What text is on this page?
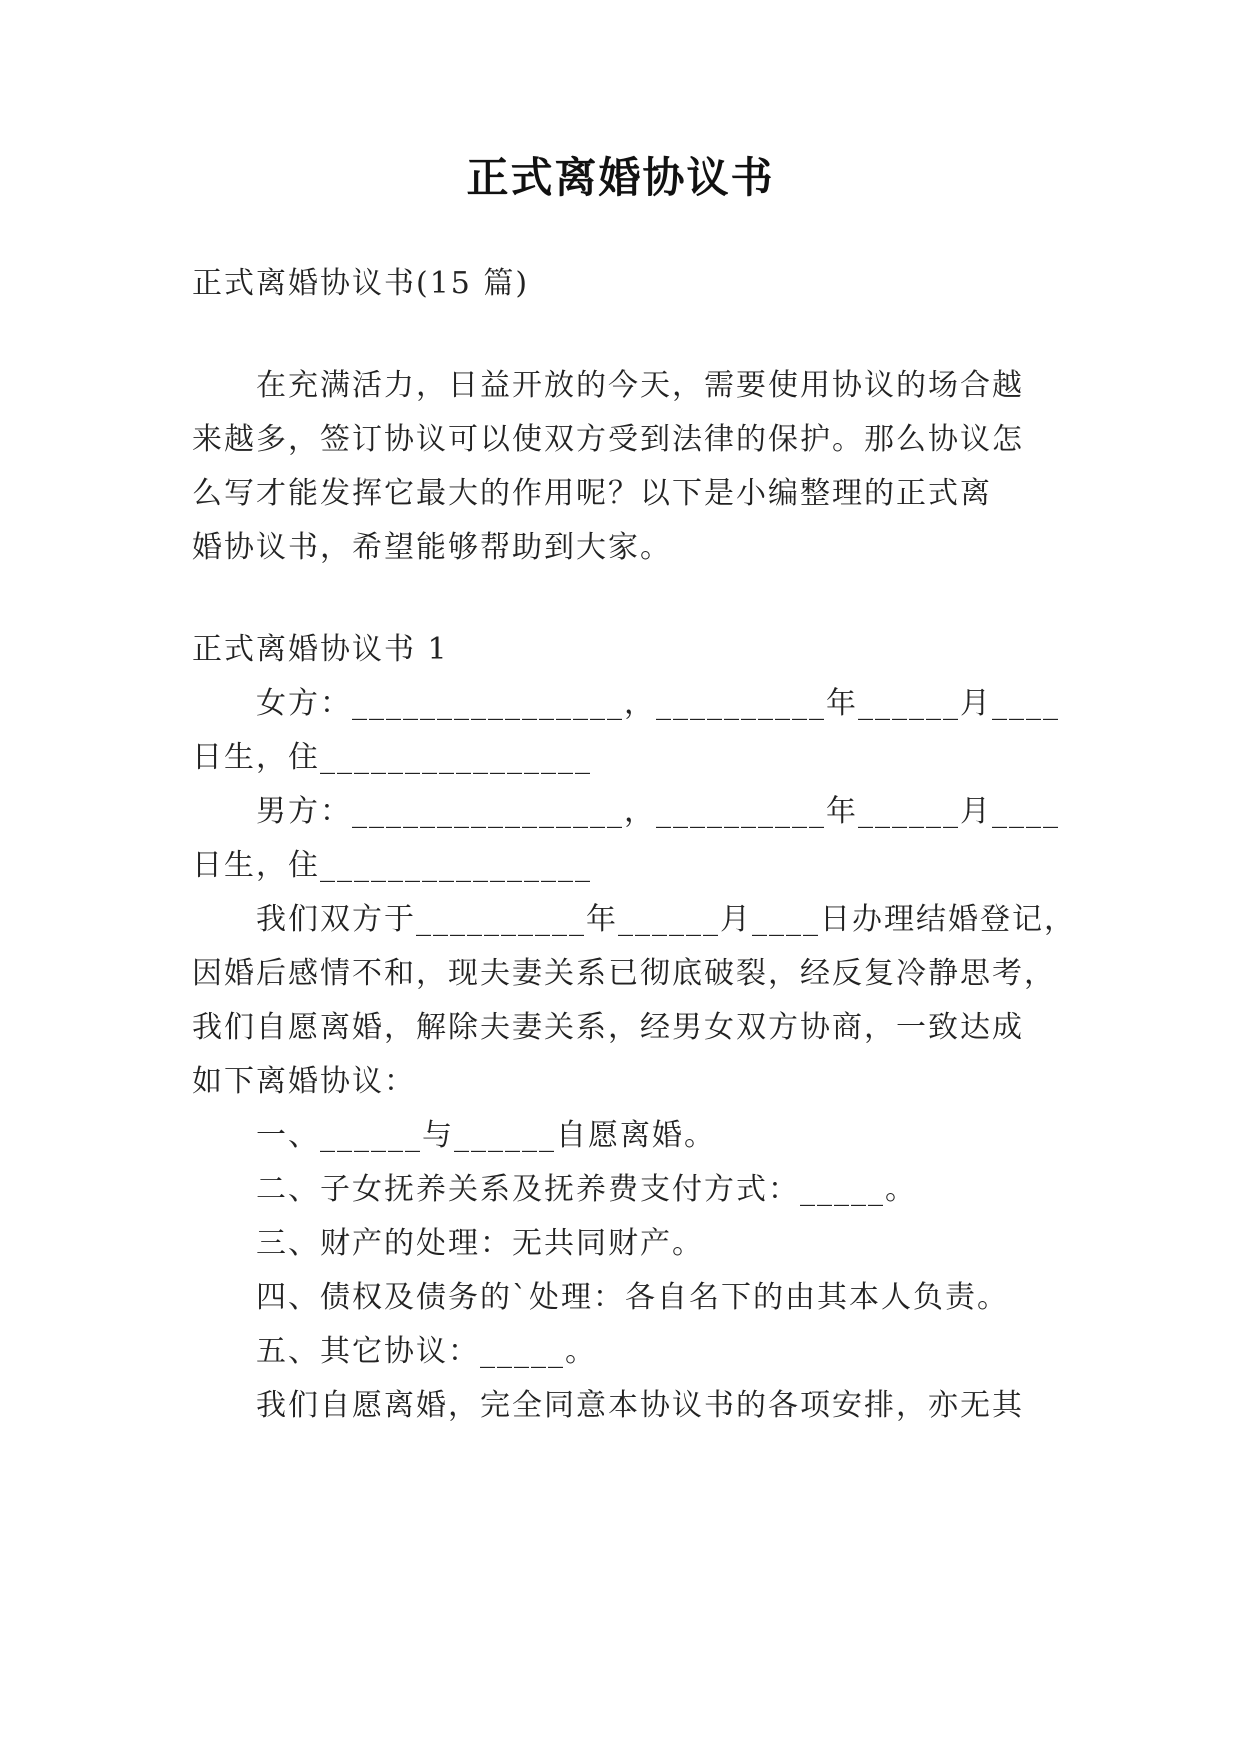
正式离婚协议书
正式离婚协议书(15 篇)
在充满活力，日益开放的今天，需要使用协议的场合越
来越多，签订协议可以使双方受到法律的保护。那么协议怎
么写才能发挥它最大的作用呢？以下是小编整理的正式离
婚协议书，希望能够帮助到大家。
正式离婚协议书 1
女方：________________，__________年______月____
日生，住________________
男方：________________，__________年______月____
日生，住________________
我们双方于__________年______月____日办理结婚登记，
因婚后感情不和，现夫妻关系已彻底破裂，经反复冷静思考，
我们自愿离婚，解除夫妻关系，经男女双方协商，一致达成
如下离婚协议：
一、______与______自愿离婚。
二、子女抚养关系及抚养费支付方式：_____。
三、财产的处理：无共同财产。
四、债权及债务的`处理：各自名下的由其本人负责。
五、其它协议：_____。
我们自愿离婚，完全同意本协议书的各项安排，亦无其
